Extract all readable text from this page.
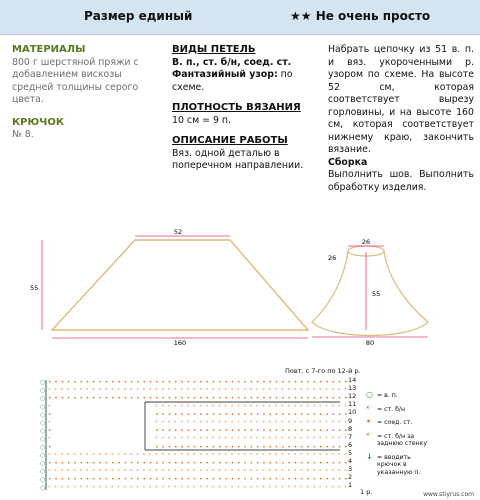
Размер единый	★★ Не очень просто

МАТЕРИАЛЫ

800 г шерстяной пряжи с добавлением вискозы средней толщины серого цвета.

КРЮЧОК

№ 8.

ВИДЫ ПЕТЕЛЬ

В. п., ст. б/н, соед. ст.

Фантазийный узор: по схеме.

ПЛОТНОСТЬ ВЯЗАНИЯ

10 см = 9 п.

ОПИСАНИЕ РАБОТЫ

Вяз. одной деталью в поперечном направлении.

Набрать цепочку из 51 в. п. и вяз. укороченными р. узором по схеме. На высоте 52 см, которая соответствует вырезу горловины, и на высоте 160 см, которая соответствует нижнему краю, закончить вязание.

Сборка

Выполнить шов. Выполнить обработку изделия.

52
55
160
26
26
55
80
• • • • • • • • • • • • • • • • • • • • • • • • • • • • • • • • • • • • • • • • • • • • • • • •
○
ˣ ˣ ˣ ˣ ˣ ˣ ˣ ˣ ˣ ˣ ˣ ˣ ˣ ˣ ˣ ˣ ˣ ˣ ˣ ˣ ˣ ˣ ˣ ˣ ˣ ˣ ˣ ˣ ˣ ˣ ˣ ˣ ˣ ˣ ˣ ˣ ˣ ˣ ˣ ˣ ˣ ˣ ˣ ˣ ˣ ˣ ˣ ˣ
○
• • • • • • • • • • • • • • • • • • • • • • • • • • • • • • • • • • • • • • • • • • • • • • • •
○
ˣ	ˣ ˣ ˣ ˣ ˣ ˣ ˣ ˣ ˣ ˣ ˣ ˣ ˣ ˣ ˣ ˣ ˣ ˣ ˣ ˣ ˣ ˣ ˣ ˣ ˣ ˣ ˣ ˣ ˣ ˣ ˣ
○
•	• • • • • • • • • • • • • • • • • • • • • • • • • • • • • • •
○
ˣ	ˣ ˣ ˣ ˣ ˣ ˣ ˣ ˣ ˣ ˣ ˣ ˣ ˣ ˣ ˣ ˣ ˣ ˣ ˣ ˣ ˣ ˣ ˣ ˣ ˣ ˣ ˣ ˣ ˣ ˣ ˣ
○
•	• • • • • • • • • • • • • • • • • • • • • • • • • • • • • • •
○
ˣ	ˣ ˣ ˣ ˣ ˣ ˣ ˣ ˣ ˣ ˣ ˣ ˣ ˣ ˣ ˣ ˣ ˣ ˣ ˣ ˣ ˣ ˣ ˣ ˣ ˣ ˣ ˣ ˣ ˣ ˣ ˣ
○
•	• • • • • • • • • • • • • • • • • • • • • • • • • • • • • • •
○
ˣ ˣ ˣ ˣ ˣ ˣ ˣ ˣ ˣ ˣ ˣ ˣ ˣ ˣ ˣ ˣ ˣ ˣ ˣ ˣ ˣ ˣ ˣ ˣ ˣ ˣ ˣ ˣ ˣ ˣ ˣ ˣ ˣ ˣ ˣ ˣ ˣ ˣ ˣ ˣ ˣ ˣ ˣ ˣ ˣ ˣ ˣ ˣ
○
• • • • • • • • • • • • • • • • • • • • • • • • • • • • • • • • • • • • • • • • • • • • • • • •
○
ˣ ˣ ˣ ˣ ˣ ˣ ˣ ˣ ˣ ˣ ˣ ˣ ˣ ˣ ˣ ˣ ˣ ˣ ˣ ˣ ˣ ˣ ˣ ˣ ˣ ˣ ˣ ˣ ˣ ˣ ˣ ˣ ˣ ˣ ˣ ˣ ˣ ˣ ˣ ˣ ˣ ˣ ˣ ˣ ˣ ˣ ˣ ˣ
○
• • • • • • • • • • • • • • • • • • • • • • • • • • • • • • • • • • • • • • • • • • • • • • • •
○
ˣ ˣ ˣ ˣ ˣ ˣ ˣ ˣ ˣ ˣ ˣ ˣ ˣ ˣ ˣ ˣ ˣ ˣ ˣ ˣ ˣ ˣ ˣ ˣ ˣ ˣ ˣ ˣ ˣ ˣ ˣ ˣ ˣ ˣ ˣ ˣ ˣ ˣ ˣ ˣ ˣ ˣ ˣ ˣ ˣ ˣ ˣ ˣ
○
Повт. с 7-го по 12-й р.
14
13
12
11
10
9
8
7
6
5
4
3
2
1
1 р.
○ = в. п.
ˣ = ст. б/н
• = соед. ст.
ˣ = ст. б/н за заднюю стенку
↓ = вводить крючок в указанную п.
www.stiyrus.com
